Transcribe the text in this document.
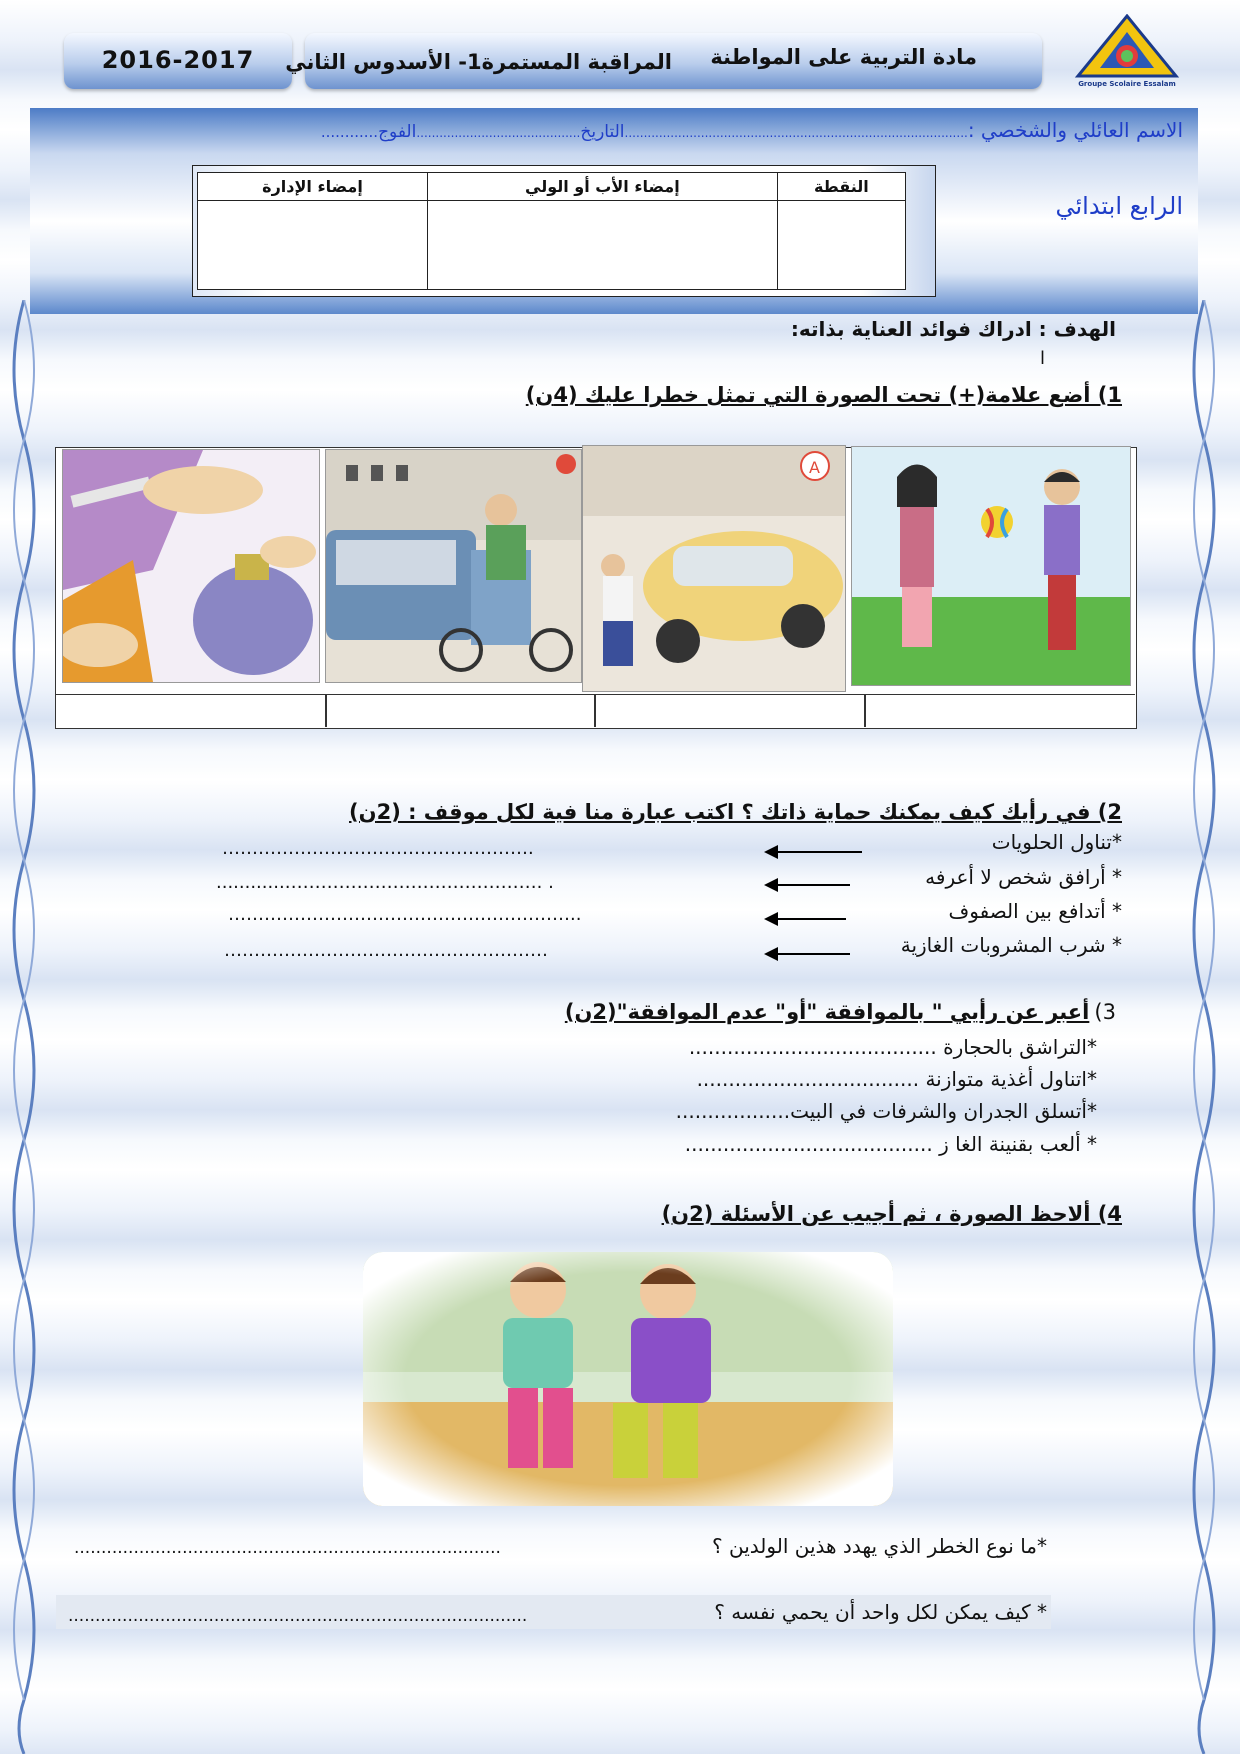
2016-2017	مادة التربية على المواطنة
المراقبة المستمرة1- الأسدوس الثاني
Groupe Scolaire Essalam
الاسم العائلي والشخصي :..........................................................................................التاريخ...........................................الفوج............
الرابع ابتدائي
النقطة	إمضاء الأب أو الولي	إمضاء الإدارة

الهدف : ادراك فوائد العناية بذاته:
ا
1) أضع علامة(+) تحت الصورة التي تمثل خطرا عليك (4ن)
A
2) في رأيك كيف يمكنك حماية ذاتك ؟ اكتب عبارة منا فية لكل موقف : (2ن)
*تناول الحلويات
…………………………………………….
* أرافق شخص لا أعرفه
............……………………………………. .
* أتدافع بين الصفوف
…………………………………………………..
* شرب المشروبات الغازية
………………………………………………
3) أعبر عن رأيي " بالموافقة "أو" عدم الموافقة"(2ن)
*التراشق بالحجارة .......................................
*اتناول أغذية متوازنة ...................................
*أتسلق الجدران والشرفات في البيت..................
* ألعب بقنينة الغا ز .......................................
4) ألاحظ الصورة ، ثم أجيب عن الأسئلة (2ن)
*ما نوع الخطر الذي يهدد هذين الولدين ؟
...............................................................................
* كيف يمكن لكل واحد أن يحمي نفسه ؟
.....................................................................................
